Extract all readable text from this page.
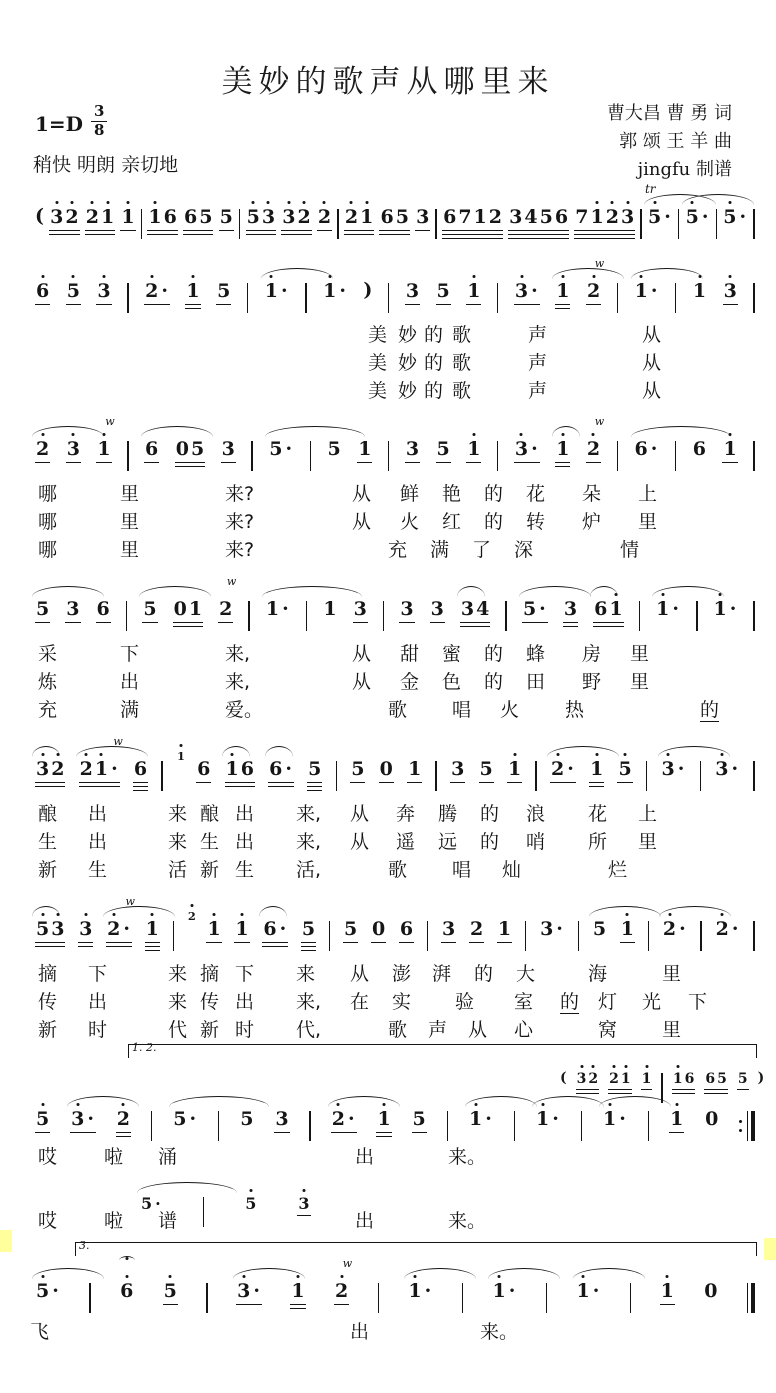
美妙的歌声从哪里来
$1=D \frac{3}{8}$
稍快 明朗 亲切地
曹大昌 曹 勇 词
郭 颂 王 羊 曲
jingfu 制谱
( 3 2 2 1 1 1 6 6 5 5 5 3 3 2 2 2 1 6 5 3 6 7 1 2 3 4 5 6 7 1 2 3 5 ·
tr
5 · 5 ·
6 5 3 2 · 1 5 1 · 1 · ) 3 5 1 3 · 1 2
w
1 · 1 3
美 妙 的 歌	声	从
美 妙 的 歌	声	从
美 妙 的 歌	声	从
2 3 1
w
6 0 5 3 5 · 5 1 3 5 1 3 · 1 2
w
6 · 6 1
哪	里	来?	从 鲜 艳 的 花 朵 上
哪	里	来?	从 火 红 的 转 炉 里
哪	里	来?	充 满 了 深	情
5 3 6 5 0 1 2
w
1 · 1 3 3 3 3 4 5 · 3 6 1 1 · 1 ·
采	下	来,	从 甜 蜜 的 蜂 房 里
炼	出	来,	从 金 色 的 田 野 里
充	满	爱。	歌 唱 火 热	的
3 2 2 1 ·
w
6
1
6 1 6 6 · 5 5 0 1 3 5 1 2 · 1 5 3 · 3 ·
酿 出	来 酿 出 来, 从 奔 腾 的 浪 花 上
生 出	来 生 出 来, 从 遥 远 的 哨 所 里
新 生	活 新 生 活,	歌 唱 灿	烂
5 3 3 2 ·
w
1
2
1 1 6 · 5 5 0 6 3 2 1 3 · 5 1 2 · 2 ·
摘 下	来 摘 下 来 从 澎 湃 的 大	海	里
传 出	来 传 出 来, 在 实 验 室 的 灯 光 下
新 时	代 新 时 代,	歌 声 从 心	窝 里
( 3 2 2 1 1 1 6 6 5 5 )
5 3 · 2 5 · 5 3 2 · 1 5 1 · 1 · 1 · 1 0
哎 啦 涌	出	来。
5 ·	5	3
哎 啦 谱	出	来。
5 ·	6 5	3 · 1 2
w
1 ·	1 ·	1 ·	1 0
飞	出	来。
1. 2.
3.
